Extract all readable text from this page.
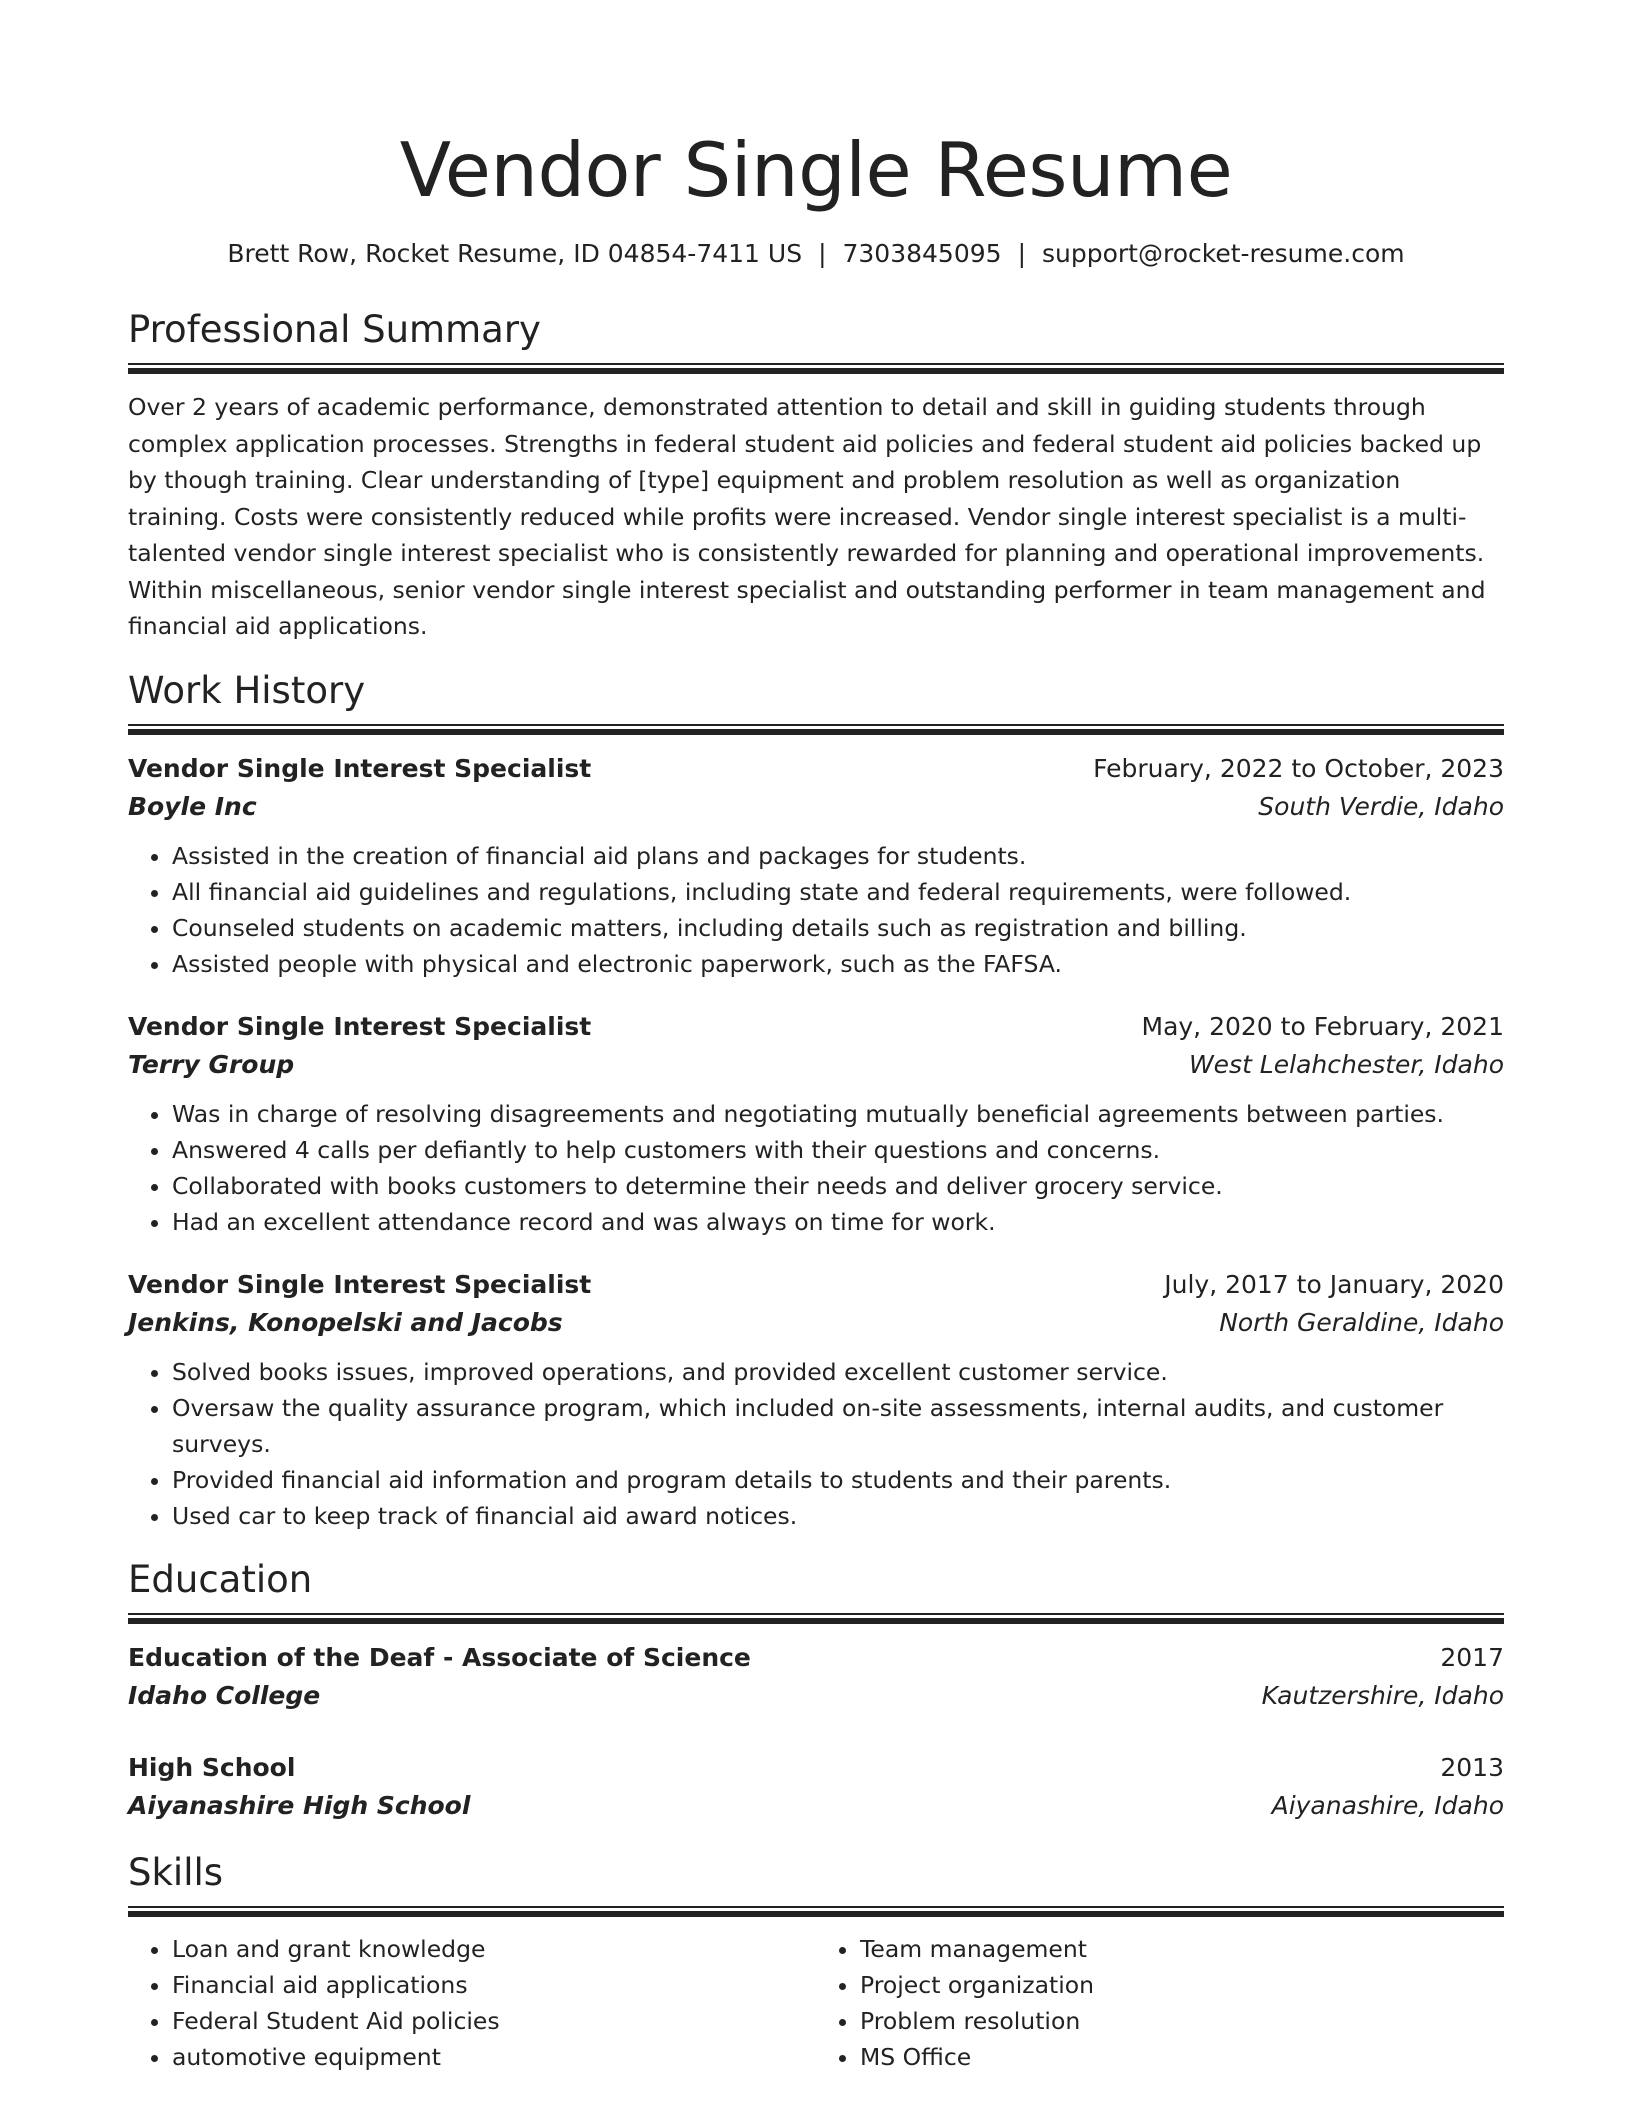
Vendor Single Resume
Brett Row, Rocket Resume, ID 04854-7411 US | 7303845095 | support@rocket-resume.com
Professional Summary
Over 2 years of academic performance, demonstrated attention to detail and skill in guiding students through complex application processes. Strengths in federal student aid policies and federal student aid policies backed up by though training. Clear understanding of [type] equipment and problem resolution as well as organization training. Costs were consistently reduced while profits were increased. Vendor single interest specialist is a multi-talented vendor single interest specialist who is consistently rewarded for planning and operational improvements. Within miscellaneous, senior vendor single interest specialist and outstanding performer in team management and financial aid applications.
Work History
Vendor Single Interest Specialist	February, 2022 to October, 2023
Boyle Inc	South Verdie, Idaho
• Assisted in the creation of financial aid plans and packages for students.
• All financial aid guidelines and regulations, including state and federal requirements, were followed.
• Counseled students on academic matters, including details such as registration and billing.
• Assisted people with physical and electronic paperwork, such as the FAFSA.
Vendor Single Interest Specialist	May, 2020 to February, 2021
Terry Group	West Lelahchester, Idaho
• Was in charge of resolving disagreements and negotiating mutually beneficial agreements between parties.
• Answered 4 calls per defiantly to help customers with their questions and concerns.
• Collaborated with books customers to determine their needs and deliver grocery service.
• Had an excellent attendance record and was always on time for work.
Vendor Single Interest Specialist	July, 2017 to January, 2020
Jenkins, Konopelski and Jacobs	North Geraldine, Idaho
• Solved books issues, improved operations, and provided excellent customer service.
• Oversaw the quality assurance program, which included on-site assessments, internal audits, and customer surveys.
• Provided financial aid information and program details to students and their parents.
• Used car to keep track of financial aid award notices.
Education
Education of the Deaf - Associate of Science	2017
Idaho College	Kautzershire, Idaho
High School	2013
Aiyanashire High School	Aiyanashire, Idaho
Skills
• Loan and grant knowledge
• Financial aid applications
• Federal Student Aid policies
• automotive equipment
• Team management
• Project organization
• Problem resolution
• MS Office
